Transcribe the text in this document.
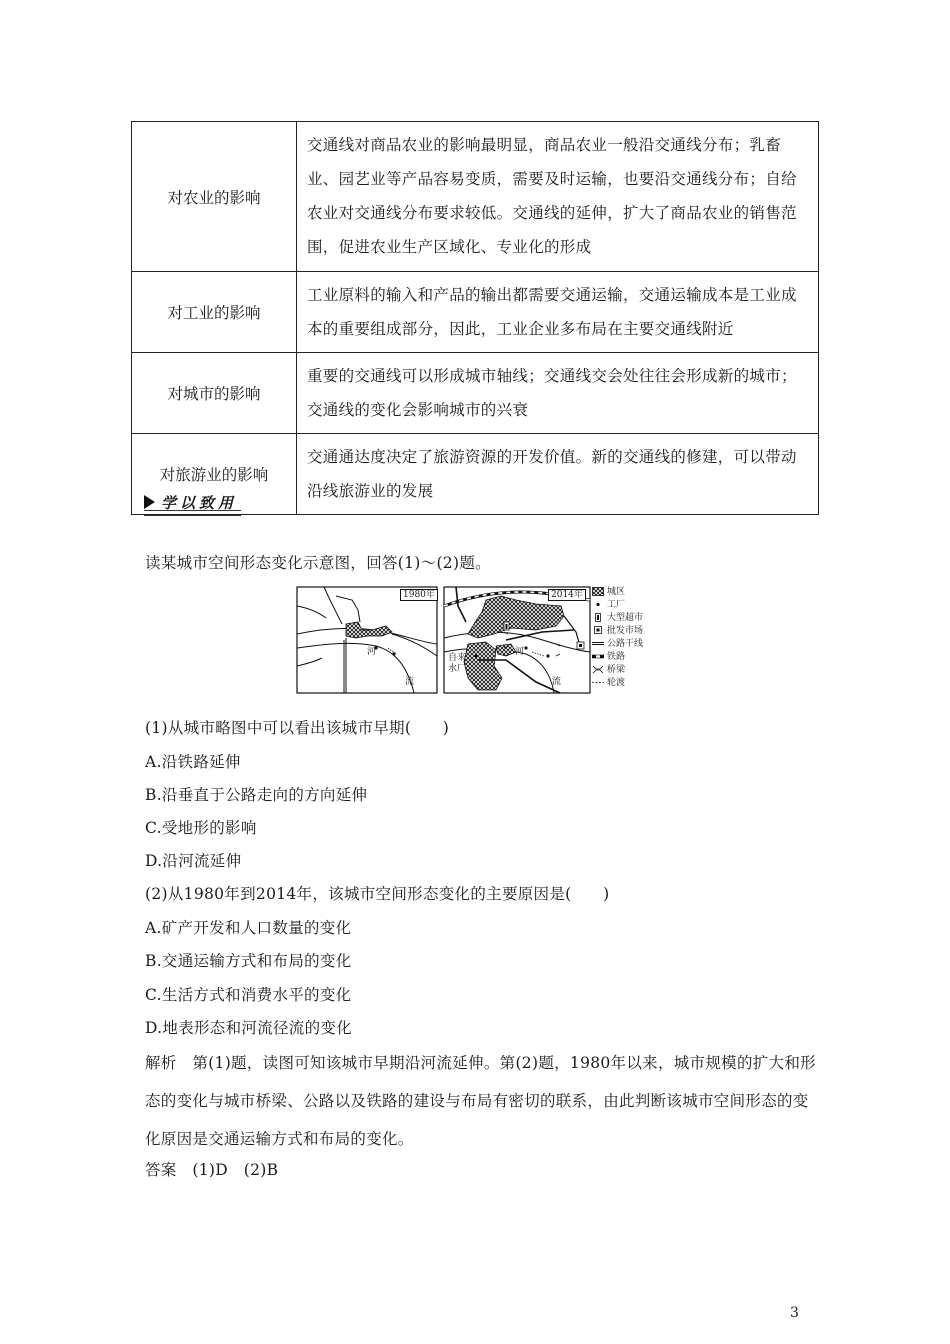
对农业的影响	交通线对商品农业的影响最明显，商品农业一般沿交通线分布；乳畜业、园艺业等产品容易变质，需要及时运输，也要沿交通线分布；自给农业对交通线分布要求较低。交通线的延伸，扩大了商品农业的销售范围，促进农业生产区域化、专业化的形成
对工业的影响	工业原料的输入和产品的输出都需要交通运输，交通运输成本是工业成本的重要组成部分，因此，工业企业多布局在主要交通线附近
对城市的影响	重要的交通线可以形成城市轴线；交通线交会处往往会形成新的城市；交通线的变化会影响城市的兴衰
对旅游业的影响	交通通达度决定了旅游资源的开发价值。新的交通线的修建，可以带动沿线旅游业的发展
学以致用
读某城市空间形态变化示意图，回答(1)～(2)题。
1980年	2014年
河
流
河
流
自来
水厂
城区
工厂
大型超市
批发市场
公路干线
铁路
桥梁
轮渡
(1)从城市略图中可以看出该城市早期(　　)
A.沿铁路延伸
B.沿垂直于公路走向的方向延伸
C.受地形的影响
D.沿河流延伸
(2)从1980年到2014年，该城市空间形态变化的主要原因是(　　)
A.矿产开发和人口数量的变化
B.交通运输方式和布局的变化
C.生活方式和消费水平的变化
D.地表形态和河流径流的变化
解析　第(1)题，读图可知该城市早期沿河流延伸。第(2)题，1980年以来，城市规模的扩大和形态的变化与城市桥梁、公路以及铁路的建设与布局有密切的联系，由此判断该城市空间形态的变化原因是交通运输方式和布局的变化。
答案　(1)D　(2)B
3
